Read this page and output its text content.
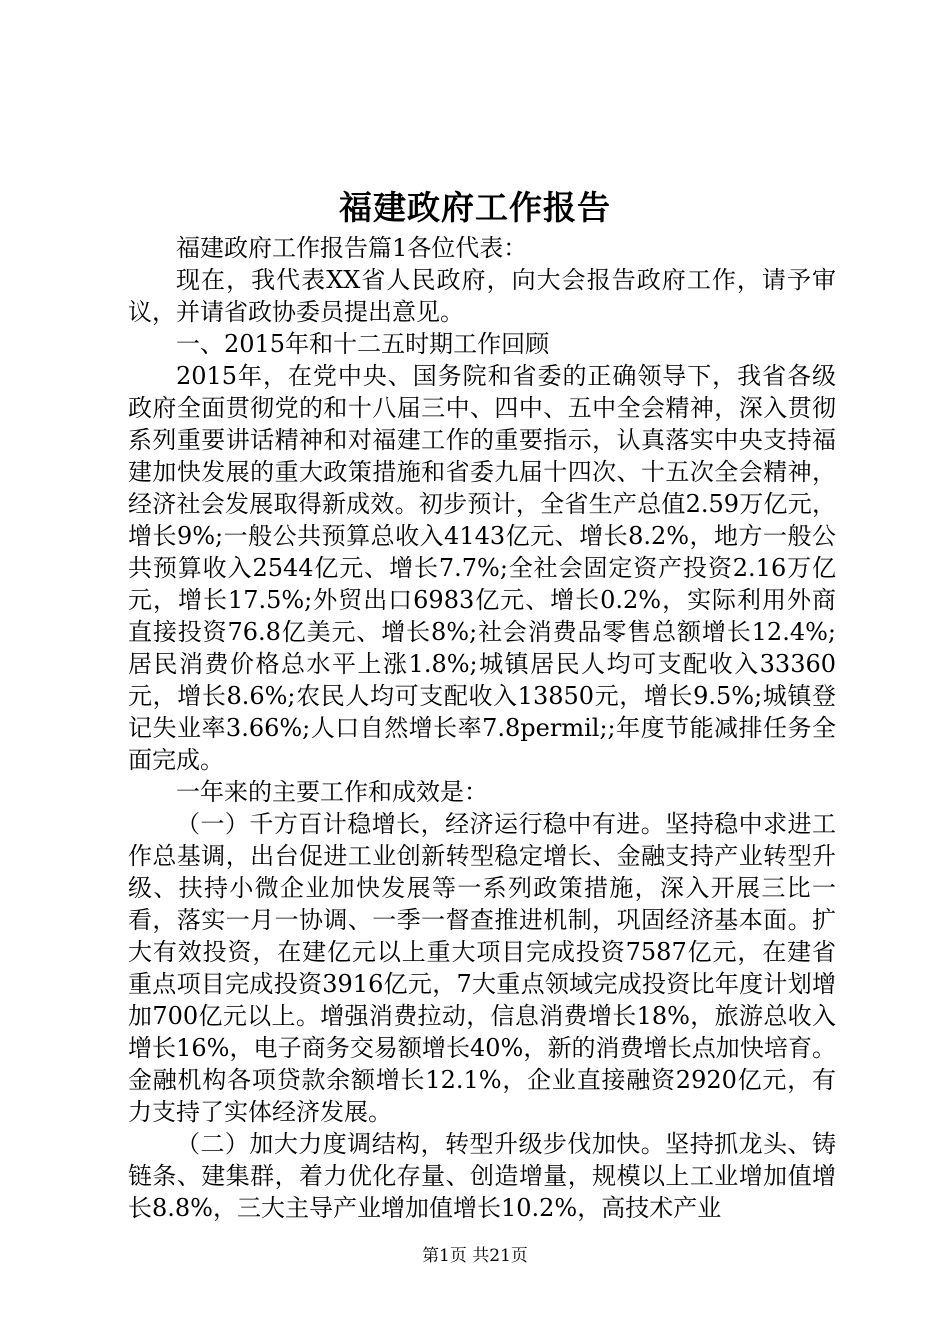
福建政府工作报告

福建政府工作报告篇1各位代表：

现在，我代表XX省人民政府，向大会报告政府工作，请予审议，并请省政协委员提出意见。

一、2015年和十二五时期工作回顾

2015年，在党中央、国务院和省委的正确领导下，我省各级政府全面贯彻党的和十八届三中、四中、五中全会精神，深入贯彻系列重要讲话精神和对福建工作的重要指示，认真落实中央支持福建加快发展的重大政策措施和省委九届十四次、十五次全会精神，经济社会发展取得新成效。初步预计，全省生产总值2.59万亿元，增长9%;一般公共预算总收入4143亿元、增长8.2%，地方一般公共预算收入2544亿元、增长7.7%;全社会固定资产投资2.16万亿元，增长17.5%;外贸出口6983亿元、增长0.2%，实际利用外商直接投资76.8亿美元、增长8%;社会消费品零售总额增长12.4%;居民消费价格总水平上涨1.8%;城镇居民人均可支配收入33360元，增长8.6%;农民人均可支配收入13850元，增长9.5%;城镇登记失业率3.66%;人口自然增长率7.8permil;;年度节能减排任务全面完成。

一年来的主要工作和成效是：

（一）千方百计稳增长，经济运行稳中有进。坚持稳中求进工作总基调，出台促进工业创新转型稳定增长、金融支持产业转型升级、扶持小微企业加快发展等一系列政策措施，深入开展三比一看，落实一月一协调、一季一督查推进机制，巩固经济基本面。扩大有效投资，在建亿元以上重大项目完成投资7587亿元，在建省重点项目完成投资3916亿元，7大重点领域完成投资比年度计划增加700亿元以上。增强消费拉动，信息消费增长18%，旅游总收入增长16%，电子商务交易额增长40%，新的消费增长点加快培育。金融机构各项贷款余额增长12.1%，企业直接融资2920亿元，有力支持了实体经济发展。

（二）加大力度调结构，转型升级步伐加快。坚持抓龙头、铸链条、建集群，着力优化存量、创造增量，规模以上工业增加值增长8.8%，三大主导产业增加值增长10.2%，高技术产业

第1页 共21页
